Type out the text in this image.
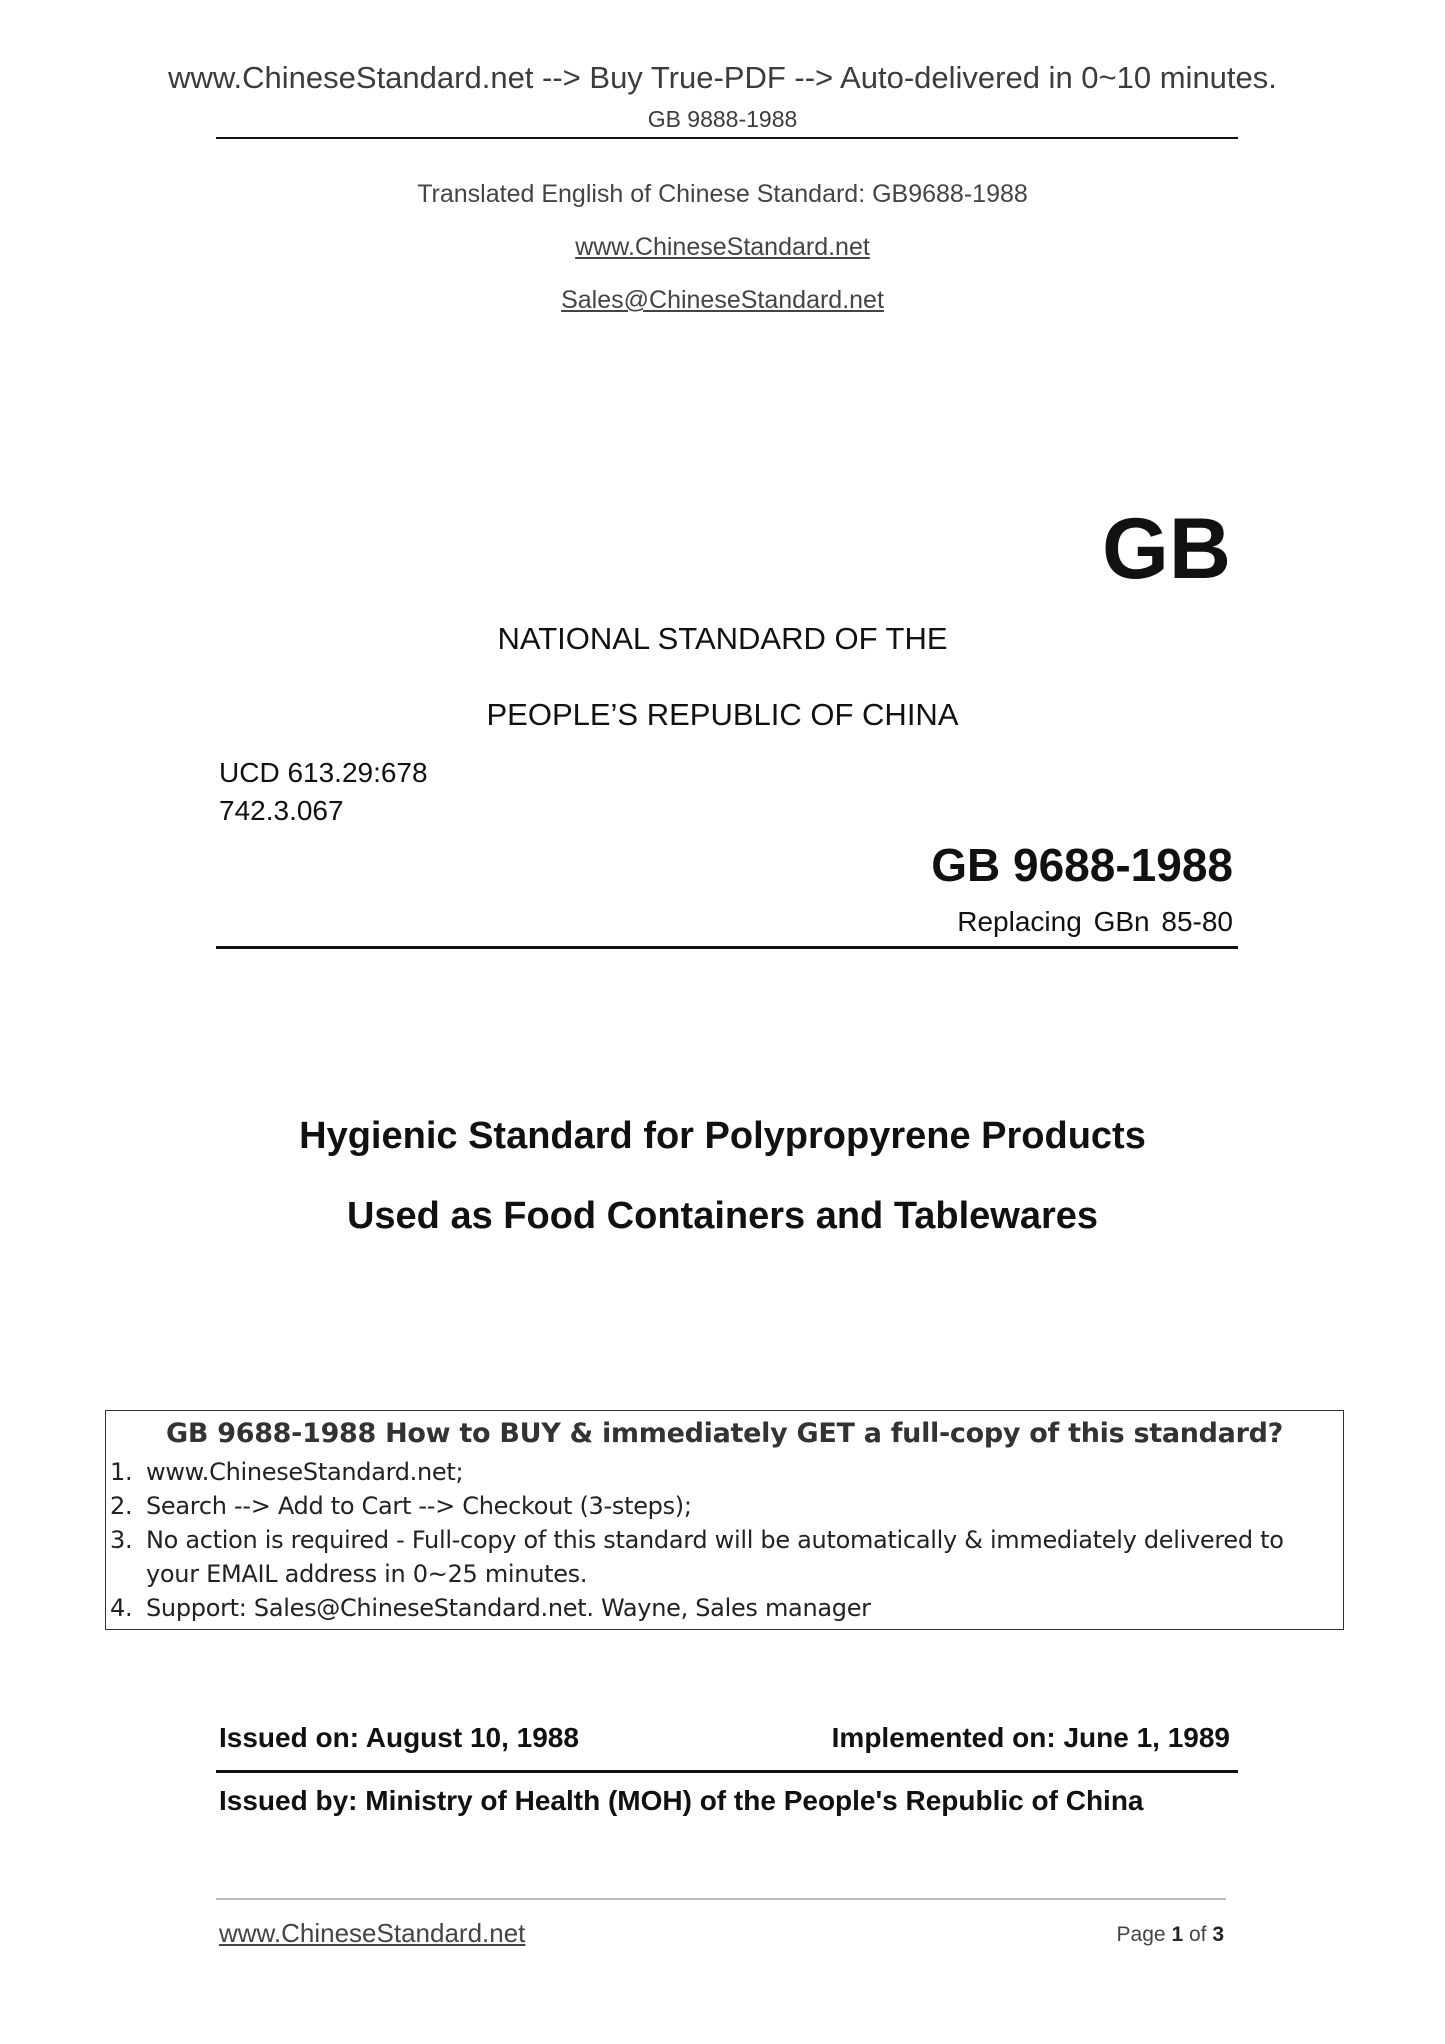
www.ChineseStandard.net --> Buy True-PDF --> Auto-delivered in 0~10 minutes.
GB 9888-1988
Translated English of Chinese Standard: GB9688-1988
www.ChineseStandard.net
Sales@ChineseStandard.net
GB
NATIONAL STANDARD OF THE
PEOPLE’S REPUBLIC OF CHINA
UCD 613.29:678
742.3.067
GB 9688-1988
Replacing GBn 85-80
Hygienic Standard for Polypropyrene Products
Used as Food Containers and Tablewares
GB 9688-1988 How to BUY & immediately GET a full-copy of this standard?
1. www.ChineseStandard.net;
2. Search --> Add to Cart --> Checkout (3-steps);
3. No action is required - Full-copy of this standard will be automatically & immediately delivered to your EMAIL address in 0~25 minutes.
4. Support: Sales@ChineseStandard.net. Wayne, Sales manager
Issued on: August 10, 1988	Implemented on: June 1, 1989
Issued by: Ministry of Health (MOH) of the People's Republic of China
www.ChineseStandard.net	Page 1 of 3
